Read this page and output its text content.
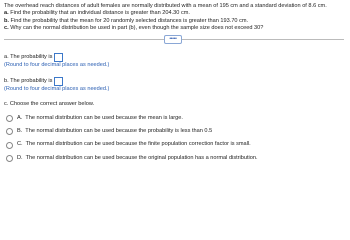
The overhead reach distances of adult females are normally distributed with a mean of 195 cm and a standard deviation of 8.6 cm.

a. Find the probability that an individual distance is greater than 204.30 cm.

b. Find the probability that the mean for 20 randomly selected distances is greater than 193.70 cm.

c. Why can the normal distribution be used in part (b), even though the sample size does not exceed 30?

•••••
a. The probability is
(Round to four decimal places as needed.)
b. The probability is
(Round to four decimal places as needed.)
c. Choose the correct answer below.
A. The normal distribution can be used because the mean is large.
B. The normal distribution can be used because the probability is less than 0.5
C. The normal distribution can be used because the finite population correction factor is small.
D. The normal distribution can be used because the original population has a normal distribution.
